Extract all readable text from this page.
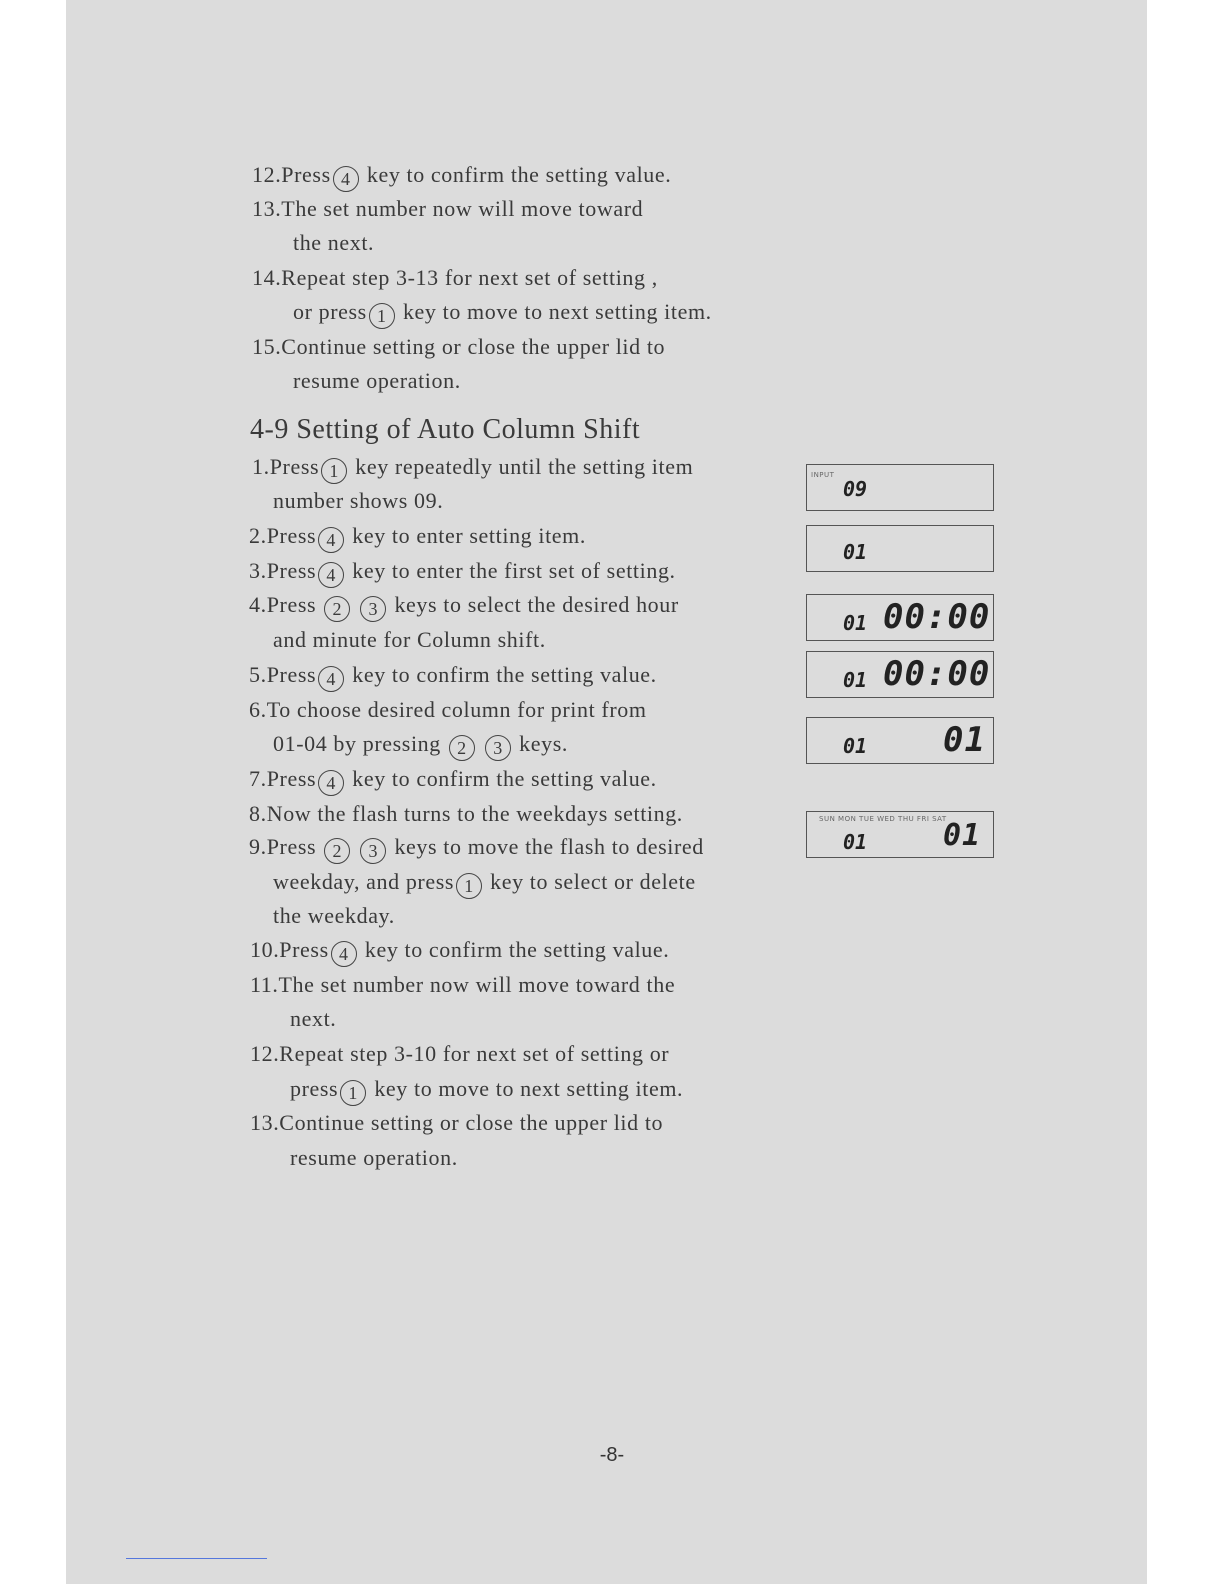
12.Press 4 key to confirm the setting value.
13.The set number now will move toward
the next.
14.Repeat step 3-13 for next set of setting ,
or press 1 key to move to next setting item.
15.Continue setting or close the upper lid to
resume operation.
4-9 Setting of Auto Column Shift
1.Press 1 key repeatedly until the setting item
number shows 09.
2.Press 4 key to enter setting item.
3.Press 4 key to enter the first set of setting.
4.Press 2 3 keys to select the desired hour
and minute for Column shift.
5.Press 4 key to confirm the setting value.
6.To choose desired column for print from
01-04 by pressing 2 3 keys.
7.Press 4 key to confirm the setting value.
8.Now the flash turns to the weekdays setting.
9.Press 2 3 keys to move the flash to desired
weekday, and press 1 key to select or delete
the weekday.
10.Press 4 key to confirm the setting value.
11.The set number now will move toward the
next.
12.Repeat step 3-10 for next set of setting or
press 1 key to move to next setting item.
13.Continue setting or close the upper lid to
resume operation.
INPUT
09
01
01 00:00
01 00:00
01 01
SUN MON TUE WED THU FRI SAT
01	01
-8-
